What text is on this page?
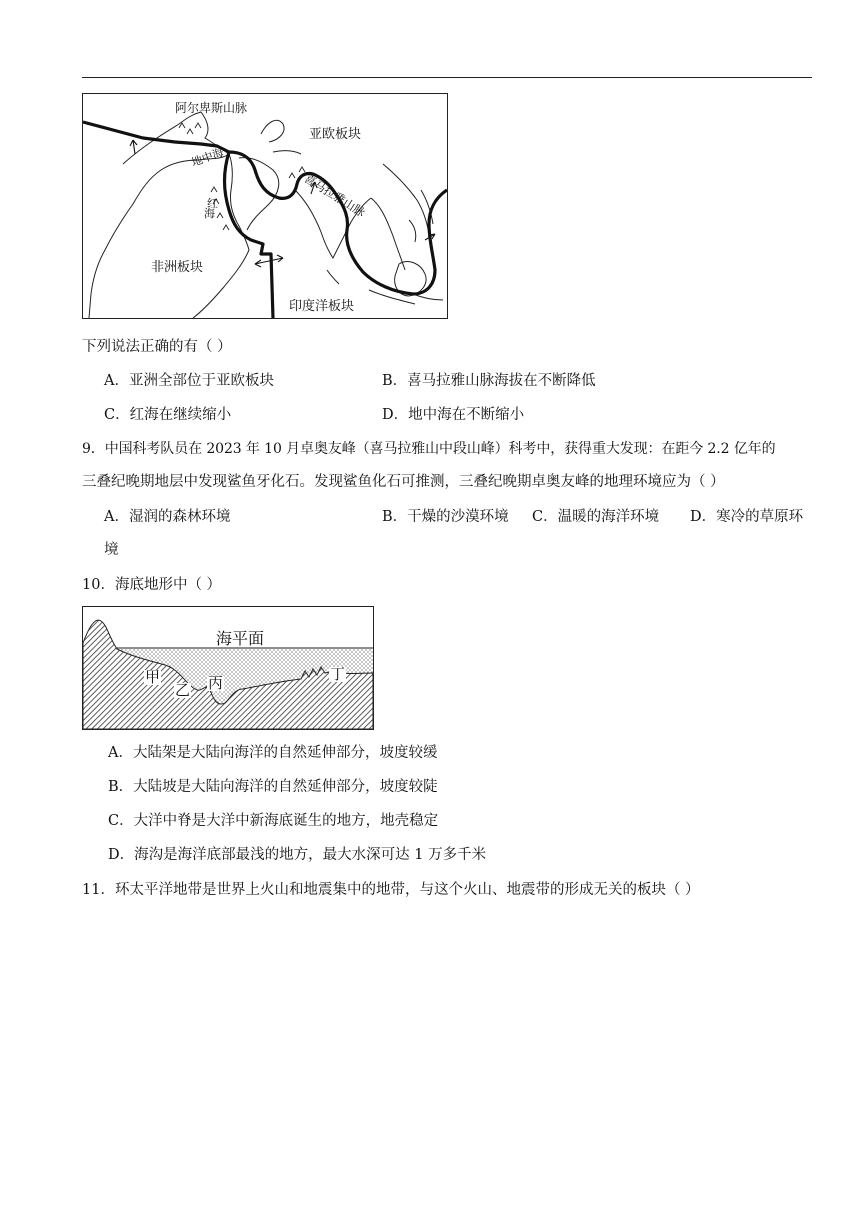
阿尔卑斯山脉
亚欧板块
地中海
喜马拉雅山脉
红
海
非洲板块
印度洋板块
下列说法正确的有（ ）
A．亚洲全部位于亚欧板块	B．喜马拉雅山脉海拔在不断降低
C．红海在继续缩小	D．地中海在不断缩小
9．中国科考队员在 2023 年 10 月卓奥友峰（喜马拉雅山中段山峰）科考中，获得重大发现：在距今 2.2 亿年的
三叠纪晚期地层中发现鲨鱼牙化石。发现鲨鱼化石可推测，三叠纪晚期卓奥友峰的地理环境应为（ ）
A．湿润的森林环境	B．干燥的沙漠环境 C．温暖的海洋环境 D．寒冷的草原环
境
10．海底地形中（ ）
海平面
甲
乙 丙	丁
A．大陆架是大陆向海洋的自然延伸部分，坡度较缓
B．大陆坡是大陆向海洋的自然延伸部分，坡度较陡
C．大洋中脊是大洋中新海底诞生的地方，地壳稳定
D．海沟是海洋底部最浅的地方，最大水深可达 1 万多千米
11．环太平洋地带是世界上火山和地震集中的地带，与这个火山、地震带的形成无关的板块（ ）
